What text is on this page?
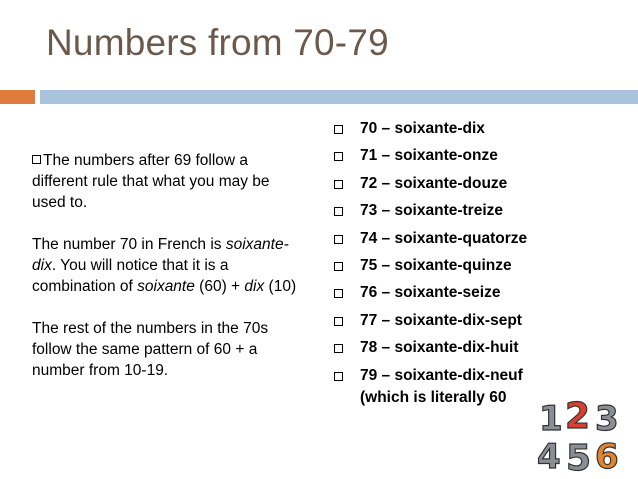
Numbers from 70-79

The numbers after 69 follow a different rule that what you may be used to.

The number 70 in French is soixante-dix. You will notice that it is a combination of soixante (60) + dix (10)

The rest of the numbers in the 70s follow the same pattern of 60 + a number from 10-19.

70 – soixante-dix
71 – soixante-onze
72 – soixante-douze
73 – soixante-treize
74 – soixante-quatorze
75 – soixante-quinze
76 – soixante-seize
77 – soixante-dix-sept
78 – soixante-dix-huit
79 – soixante-dix-neuf
(which is literally 60
1 2 3
4 5 6
